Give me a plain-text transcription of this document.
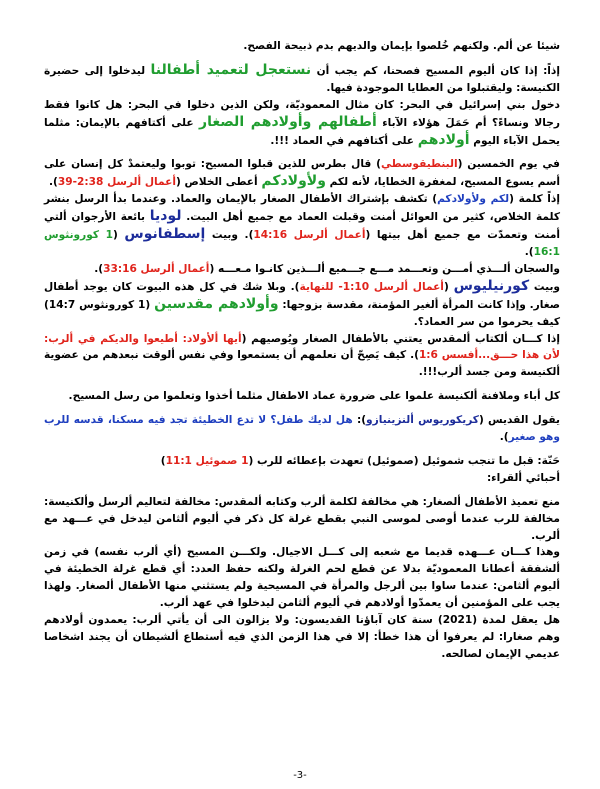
شيئا عن ألم. ولكنهم خُلصوا بإيمان والديهم بدم ذبيحة الفصح.

إذاً: إذا كان أليوم المسيح فصحنا، كم يجب أن نستعجل لتعميد أطفالنا ليدخلوا إلى حضيرة الكنيسة: وليقتبلوا من العطايا الموجودة فيها.

دخول بني إسرائيل في البحر: كان مثال المعموديّة، ولكن الذين دخلوا في البحر: هل كانوا فقط رجالا ونساءً؟ أم حَمَلَ هؤلاء الآباء أطفالهم وأولادهم الصغار على أكتافهم بالإيمان: مثلما يحمل الآباء اليوم أولادهم على أكتافهم في العماد !!!.

في يوم الخمسين (البنطيقوسطي) قال بطرس للذين قبلوا المسيح: توبوا وليعتمدْ كل إنسان على أسم يسوع المسيح، لمغفرة الخطايا، لأنه لكم ولأولادكم أعطى الخلاص (أعمال ألرسل 2:38-39).

إذاً كلمة (لكم ولأولادكم) تكشف بإشتراك الأطفال الصغار بالإيمان والعماد. وعندما بدأ الرسل بنشر كلمة الخلاص، كثير من العوائل أمنت وقبلت العماد مع جميع أهل البيت. لوديا بائعة الأرجوان ألتي أمنت وتعمدّت مع جميع أهل بيتها (أعمال ألرسل 14:16). وبيت إسطفانوس (1 كورونثوس 16:1).

والسجان ألـــذي أمـــن وتعـــمد مـــع جـــميع ألـــذين كانـوا مـعـــه (أعمال ألرسل 33:16).

وبيت كورنيليوس (أعمال ألرسل 1:10- للنهاية). وبلا شك في كل هذه البيوت كان يوجد أطفال صغار. وإذا كانت المرأة ألغير المؤمنة، مقدسة بزوجها: وأولادهم مقدسين (1 كورونثوس 14:7) كيف يحرموا من سر العماد؟.

إذا كـــان ألكتاب ألمقدس يعتني بالأطفال الصغار ويُوصيهم (أيها ألأولاد: أطيعوا والديكم في ألرب: لأن هذا حـــق...أفسس 1:6). كيف يَصِحّ أن نعلمهم أن يستمعوا وفي نفس ألوقت نبعدهم من عضوية ألكنيسة ومن جسد ألرب!!!.

كل أباء وملافنة ألكنيسة علموا على ضرورة عماد الاطفال مثلما أخذوا وتعلموا من رسل المسيح.

يقول القديس (كريكوريوس ألنزينيازو): هل لديك طفل؟ لا تدع الخطيئة تجد فيه مسكنا، قدسه للرب وهو صغير).

حَنّة: قبل ما تنجب شموئيل (صموئيل) تعهدت بإعطائه للرب (1 صموئيل 11:1)

أحبائي ألقراء:

منع تعميذ الأطفال ألصغار: هي مخالفة لكلمة ألرب وكتابه ألمقدس: مخالفة لتعاليم ألرسل وألكنيسة: مخالفة للرب عندما أوصى لموسى النبي بقطع غرلة كل ذكر في أليوم ألثامن ليدخل في عـــهد مع ألرب.

وهذا كـــان عـــهده قديما مع شعبه إلى كـــل الاجيال. ولكـــن المسيح (أي ألرب نفسه) في زمن ألشفقة أعطانا المعموديّة بدلا عن قطع لحم الغرلة ولكنه حفظ العدد: أي قطع غرلة الخطيئة في أليوم ألثامن: عندما ساوا بين ألرجل والمرأة في المسيحية ولم يستثني منها الأطفال ألصغار. ولهذا يجب على المؤمنين أن يعمدّوا أولادهم في أليوم ألثامن ليدخلوا في عهد ألرب.

هل يعقل لمدة (2021) سنة كان آباؤنا القديسون: ولا يزالون الى أن يأتي ألرب: يعمدون أولادهم وهم صغارا: لم يعرفوا أن هذا خطأ: إلا في هذا الزمن الذي فيه أستطاع ألشيطان أن يجند اشخاصا عديمي الإيمان لصالحه.

-3-
